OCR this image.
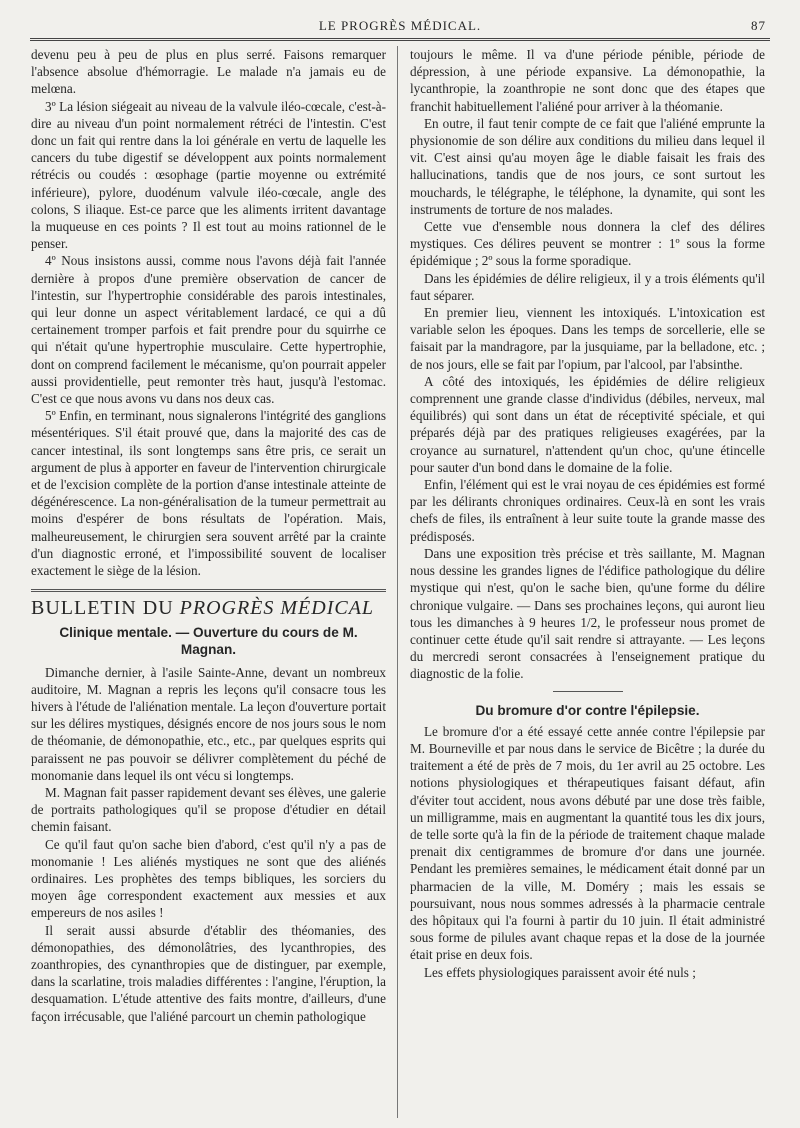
LE PROGRÈS MÉDICAL.	87

devenu peu à peu de plus en plus serré. Faisons remarquer l'absence absolue d'hémorragie. Le malade n'a jamais eu de melœna.

3º La lésion siégeait au niveau de la valvule iléo-cœcale, c'est-à-dire au niveau d'un point normalement rétréci de l'intestin. C'est donc un fait qui rentre dans la loi générale en vertu de laquelle les cancers du tube digestif se développent aux points normalement rétrécis ou coudés : œsophage (partie moyenne ou extrémité inférieure), pylore, duodénum valvule iléo-cœcale, angle des colons, S iliaque. Est-ce parce que les aliments irritent davantage la muqueuse en ces points ? Il est tout au moins rationnel de le penser.

4º Nous insistons aussi, comme nous l'avons déjà fait l'année dernière à propos d'une première observation de cancer de l'intestin, sur l'hypertrophie considérable des parois intestinales, qui leur donne un aspect véritablement lardacé, ce qui a dû certainement tromper parfois et fait prendre pour du squirrhe ce qui n'était qu'une hypertrophie musculaire. Cette hypertrophie, dont on comprend facilement le mécanisme, qu'on pourrait appeler aussi providentielle, peut remonter très haut, jusqu'à l'estomac. C'est ce que nous avons vu dans nos deux cas.

5º Enfin, en terminant, nous signalerons l'intégrité des ganglions mésentériques. S'il était prouvé que, dans la majorité des cas de cancer intestinal, ils sont longtemps sans être pris, ce serait un argument de plus à apporter en faveur de l'intervention chirurgicale et de l'excision complète de la portion d'anse intestinale atteinte de dégénérescence. La non-généralisation de la tumeur permettrait au moins d'espérer de bons résultats de l'opération. Mais, malheureusement, le chirurgien sera souvent arrêté par la crainte d'un diagnostic erroné, et l'impossibilité souvent de localiser exactement le siège de la lésion.

BULLETIN DU PROGRÈS MÉDICAL
Clinique mentale. — Ouverture du cours de M. Magnan.

Dimanche dernier, à l'asile Sainte-Anne, devant un nombreux auditoire, M. Magnan a repris les leçons qu'il consacre tous les hivers à l'étude de l'aliénation mentale. La leçon d'ouverture portait sur les délires mystiques, désignés encore de nos jours sous le nom de théomanie, de démonopathie, etc., etc., par quelques esprits qui paraissent ne pas pouvoir se délivrer complètement du péché de monomanie dans lequel ils ont vécu si longtemps.

M. Magnan fait passer rapidement devant ses élèves, une galerie de portraits pathologiques qu'il se propose d'étudier en détail chemin faisant.

Ce qu'il faut qu'on sache bien d'abord, c'est qu'il n'y a pas de monomanie ! Les aliénés mystiques ne sont que des aliénés ordinaires. Les prophètes des temps bibliques, les sorciers du moyen âge correspondent exactement aux messies et aux empereurs de nos asiles !

Il serait aussi absurde d'établir des théomanies, des démonopathies, des démonolâtries, des lycanthropies, des zoanthropies, des cynanthropies que de distinguer, par exemple, dans la scarlatine, trois maladies différentes : l'angine, l'éruption, la desquamation. L'étude attentive des faits montre, d'ailleurs, d'une façon irrécusable, que l'aliéné parcourt un chemin pathologique

toujours le même. Il va d'une période pénible, période de dépression, à une période expansive. La démonopathie, la lycanthropie, la zoanthropie ne sont donc que des étapes que franchit habituellement l'aliéné pour arriver à la théomanie.

En outre, il faut tenir compte de ce fait que l'aliéné emprunte la physionomie de son délire aux conditions du milieu dans lequel il vit. C'est ainsi qu'au moyen âge le diable faisait les frais des hallucinations, tandis que de nos jours, ce sont surtout les mouchards, le télégraphe, le téléphone, la dynamite, qui sont les instruments de torture de nos malades.

Cette vue d'ensemble nous donnera la clef des délires mystiques. Ces délires peuvent se montrer : 1º sous la forme épidémique ; 2º sous la forme sporadique.

Dans les épidémies de délire religieux, il y a trois éléments qu'il faut séparer.

En premier lieu, viennent les intoxiqués. L'intoxication est variable selon les époques. Dans les temps de sorcellerie, elle se faisait par la mandragore, par la jusquiame, par la belladone, etc. ; de nos jours, elle se fait par l'opium, par l'alcool, par l'absinthe.

A côté des intoxiqués, les épidémies de délire religieux comprennent une grande classe d'individus (débiles, nerveux, mal équilibrés) qui sont dans un état de réceptivité spéciale, et qui préparés déjà par des pratiques religieuses exagérées, par la croyance au surnaturel, n'attendent qu'un choc, qu'une étincelle pour sauter d'un bond dans le domaine de la folie.

Enfin, l'élément qui est le vrai noyau de ces épidémies est formé par les délirants chroniques ordinaires. Ceux-là en sont les vrais chefs de files, ils entraînent à leur suite toute la grande masse des prédisposés.

Dans une exposition très précise et très saillante, M. Magnan nous dessine les grandes lignes de l'édifice pathologique du délire mystique qui n'est, qu'on le sache bien, qu'une forme du délire chronique vulgaire. — Dans ses prochaines leçons, qui auront lieu tous les dimanches à 9 heures 1/2, le professeur nous promet de continuer cette étude qu'il sait rendre si attrayante. — Les leçons du mercredi seront consacrées à l'enseignement pratique du diagnostic de la folie.

Du bromure d'or contre l'épilepsie.

Le bromure d'or a été essayé cette année contre l'épilepsie par M. Bourneville et par nous dans le service de Bicêtre ; la durée du traitement a été de près de 7 mois, du 1er avril au 25 octobre. Les notions physiologiques et thérapeutiques faisant défaut, afin d'éviter tout accident, nous avons débuté par une dose très faible, un milligramme, mais en augmentant la quantité tous les dix jours, de telle sorte qu'à la fin de la période de traitement chaque malade prenait dix centigrammes de bromure d'or dans une journée. Pendant les premières semaines, le médicament était donné par un pharmacien de la ville, M. Doméry ; mais les essais se poursuivant, nous nous sommes adressés à la pharmacie centrale des hôpitaux qui l'a fourni à partir du 10 juin. Il était administré sous forme de pilules avant chaque repas et la dose de la journée était prise en deux fois.

Les effets physiologiques paraissent avoir été nuls ;
